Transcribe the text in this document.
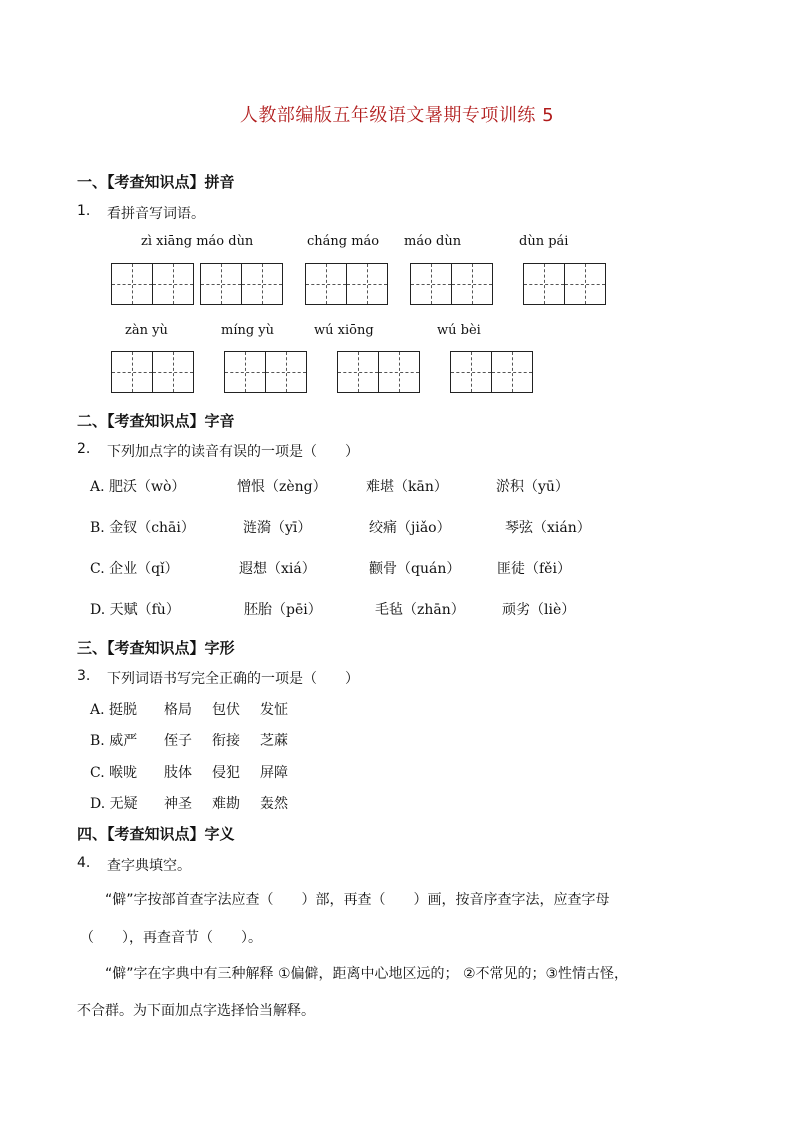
人教部编版五年级语文暑期专项训练 5
一、【考查知识点】拼音
1. 看拼音写词语。
zì xiāng máo dùn	cháng máo máo dùn	dùn pái
zàn yù	míng yù	wú xiōng	wú bèi
二、【考查知识点】字音
2. 下列加点字的读音有误的一项是（　　）
A. 肥沃（wò）	憎恨（zèng）	难堪（kān）	淤积（yū）
B. 金钗（chāi）	涟漪（yī）	绞痛（jiǎo）	琴弦（xián）
C. 企业（qǐ）	遐想（xiá）	颧骨（quán）	匪徒（fěi）
D. 天赋（fù）	胚胎（pēi）	毛毡（zhān）	顽劣（liè）
三、【考查知识点】字形
3. 下列词语书写完全正确的一项是（　　）
A. 挺脱 格局 包伏 发怔
B. 威严 侄子 衔接 芝蔴
C. 喉咙 肢体 侵犯 屏障
D. 无疑 神圣 难勘 轰然
四、【考查知识点】字义
4. 查字典填空。
“僻”字按部首查字法应查（　　）部，再查（　　）画，按音序查字法，应查字母
（　　），再查音节（　　）。
“僻”字在字典中有三种解释 ①偏僻，距离中心地区远的； ②不常见的；③性情古怪，
不合群。为下面加点字选择恰当解释。
